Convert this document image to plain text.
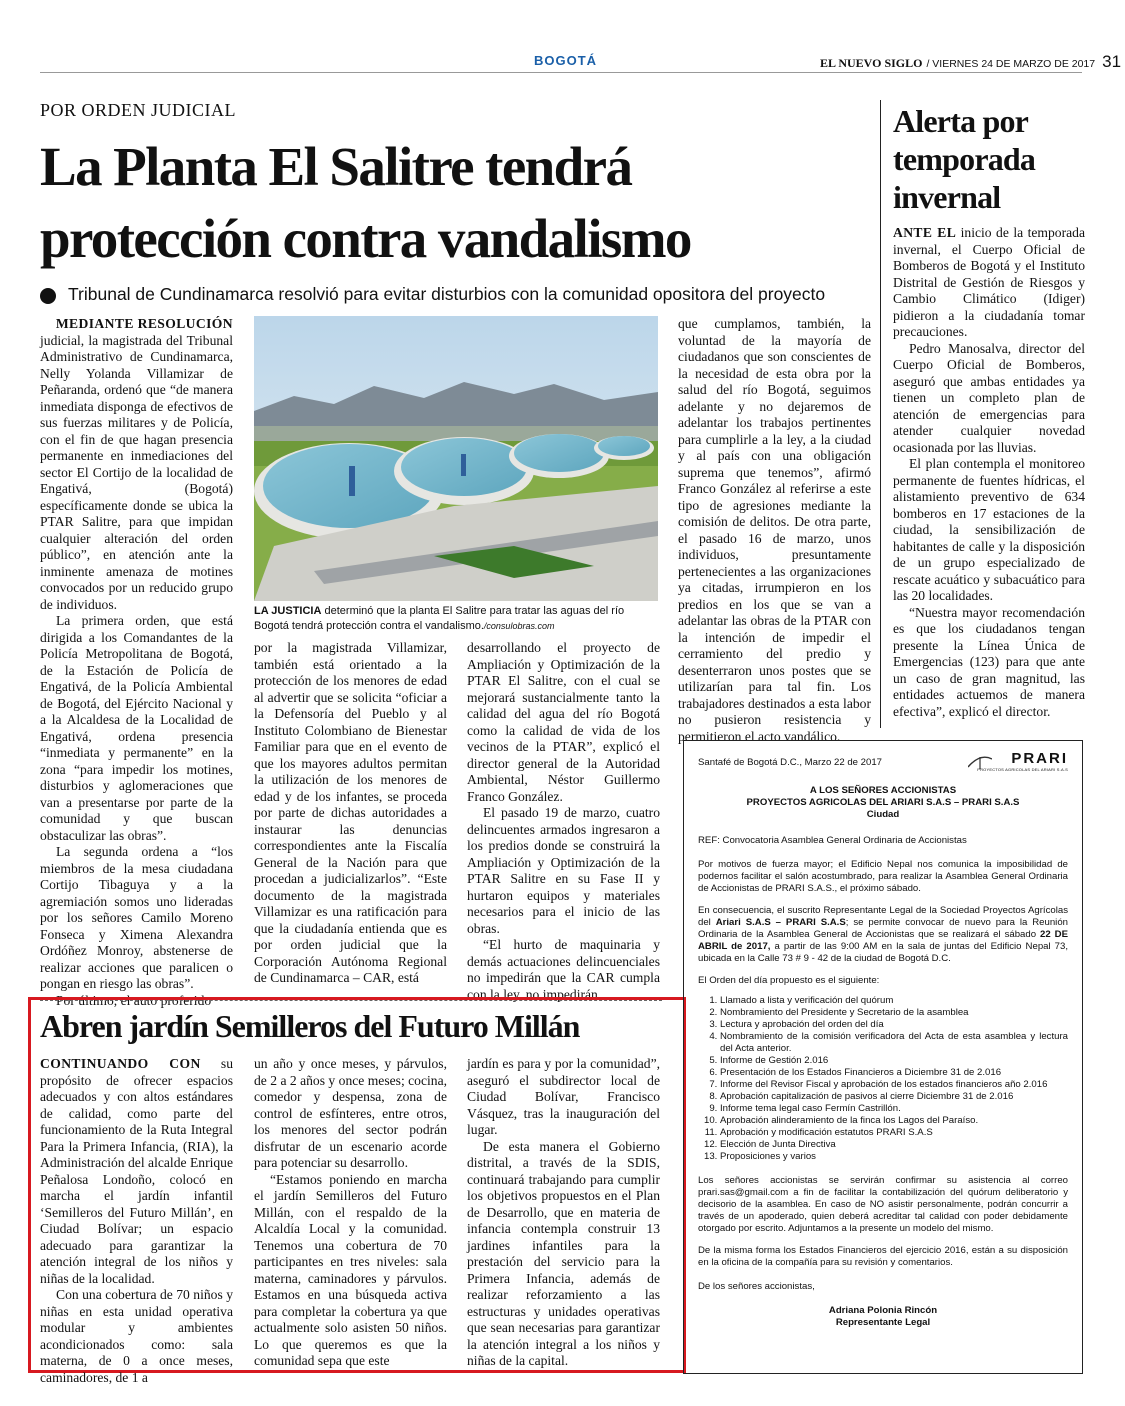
BOGOTÁ	EL NUEVO SIGLO / VIERNES 24 DE MARZO DE 2017 31
POR ORDEN JUDICIAL
La Planta El Salitre tendrá
protección contra vandalismo
Tribunal de Cundinamarca resolvió para evitar disturbios con la comunidad opositora del proyecto

MEDIANTE RESOLUCIÓN
judicial, la magistrada del Tribunal Administrativo de Cundinamarca, Nelly Yolanda Villamizar de Peñaranda, ordenó que “de manera inmediata disponga de efectivos de sus fuerzas militares y de Policía, con el fin de que hagan presencia permanente en inmediaciones del sector El Cortijo de la localidad de Engativá, (Bogotá) específicamente donde se ubica la PTAR Salitre, para que impidan cualquier alteración del orden público”, en atención ante la inminente amenaza de motines convocados por un reducido grupo de individuos.

La primera orden, que está dirigida a los Comandantes de la Policía Metropolitana de Bogotá, de la Estación de Policía de Engativá, de la Policía Ambiental de Bogotá, del Ejército Nacional y a la Alcaldesa de la Localidad de Engativá, ordena presencia “inmediata y permanente” en la zona “para impedir los motines, disturbios y aglomeraciones que van a presentarse por parte de la comunidad y que buscan obstaculizar las obras”.

La segunda ordena a “los miembros de la mesa ciudadana Cortijo Tibaguya y a la agremiación somos uno lideradas por los señores Camilo Moreno Fonseca y Ximena Alexandra Ordóñez Monroy, abstenerse de realizar acciones que paralicen o pongan en riesgo las obras”.

Por último, el auto proferido

LA JUSTICIA determinó que la planta El Salitre para tratar las aguas del río Bogotá tendrá protección contra el vandalismo./consulobras.com

por la magistrada Villamizar, también está orientado a la protección de los menores de edad al advertir que se solicita “oficiar a la Defensoría del Pueblo y al Instituto Colombiano de Bienestar Familiar para que en el evento de que los mayores adultos permitan la utilización de los menores de edad y de los infantes, se proceda por parte de dichas autoridades a instaurar las denuncias correspondientes ante la Fiscalía General de la Nación para que procedan a judicializarlos”. “Este documento de la magistrada Villamizar es una ratificación para que la ciudadanía entienda que es por orden judicial que la Corporación Autónoma Regional de Cundinamarca – CAR, está

desarrollando el proyecto de Ampliación y Optimización de la PTAR El Salitre, con el cual se mejorará sustancialmente tanto la calidad del agua del río Bogotá como la calidad de vida de los vecinos de la PTAR”, explicó el director general de la Autoridad Ambiental, Néstor Guillermo Franco González.

El pasado 19 de marzo, cuatro delincuentes armados ingresaron a los predios donde se construirá la Ampliación y Optimización de la PTAR Salitre en su Fase II y hurtaron equipos y materiales necesarios para el inicio de las obras.

“El hurto de maquinaria y demás actuaciones delincuenciales no impedirán que la CAR cumpla con la ley, no impedirán

que cumplamos, también, la voluntad de la mayoría de ciudadanos que son conscientes de la necesidad de esta obra por la salud del río Bogotá, seguimos adelante y no dejaremos de adelantar los trabajos pertinentes para cumplirle a la ley, a la ciudad y al país con una obligación suprema que tenemos”, afirmó Franco González al referirse a este tipo de agresiones mediante la comisión de delitos. De otra parte, el pasado 16 de marzo, unos individuos, presuntamente pertenecientes a las organizaciones ya citadas, irrumpieron en los predios en los que se van a adelantar las obras de la PTAR con la intención de impedir el cerramiento del predio y desenterraron unos postes que se utilizarían para tal fin. Los trabajadores destinados a esta labor no pusieron resistencia y permitieron el acto vandálico.

Alerta por
temporada
invernal

ANTE EL inicio de la temporada invernal, el Cuerpo Oficial de Bomberos de Bogotá y el Instituto Distrital de Gestión de Riesgos y Cambio Climático (Idiger) pidieron a la ciudadanía tomar precauciones.

Pedro Manosalva, director del Cuerpo Oficial de Bomberos, aseguró que ambas entidades ya tienen un completo plan de atención de emergencias para atender cualquier novedad ocasionada por las lluvias.

El plan contempla el monitoreo permanente de fuentes hídricas, el alistamiento preventivo de 634 bomberos en 17 estaciones de la ciudad, la sensibilización de habitantes de calle y la disposición de un grupo especializado de rescate acuático y subacuático para las 20 localidades.

“Nuestra mayor recomendación es que los ciudadanos tengan presente la Línea Única de Emergencias (123) para que ante un caso de gran magnitud, las entidades actuemos de manera efectiva”, explicó el director.

Abren jardín Semilleros del Futuro Millán

CONTINUANDO CON su propósito de ofrecer espacios adecuados y con altos estándares de calidad, como parte del funcionamiento de la Ruta Integral Para la Primera Infancia, (RIA), la Administración del alcalde Enrique Peñalosa Londoño, colocó en marcha el jardín infantil ‘Semilleros del Futuro Millán’, en Ciudad Bolívar; un espacio adecuado para garantizar la atención integral de los niños y niñas de la localidad.

Con una cobertura de 70 niños y niñas en esta unidad operativa modular y ambientes acondicionados como: sala materna, de 0 a once meses, caminadores, de 1 a

un año y once meses, y párvulos, de 2 a 2 años y once meses; cocina, comedor y despensa, zona de control de esfínteres, entre otros, los menores del sector podrán disfrutar de un escenario acorde para potenciar su desarrollo.

“Estamos poniendo en marcha el jardín Semilleros del Futuro Millán, con el respaldo de la Alcaldía Local y la comunidad. Tenemos una cobertura de 70 participantes en tres niveles: sala materna, caminadores y párvulos. Estamos en una búsqueda activa para completar la cobertura ya que actualmente solo asisten 50 niños. Lo que queremos es que la comunidad sepa que este

jardín es para y por la comunidad”, aseguró el subdirector local de Ciudad Bolívar, Francisco Vásquez, tras la inauguración del lugar.

De esta manera el Gobierno distrital, a través de la SDIS, continuará trabajando para cumplir los objetivos propuestos en el Plan de Desarrollo, que en materia de infancia contempla construir 13 jardines infantiles para la prestación del servicio para la Primera Infancia, además de realizar reforzamiento a las estructuras y unidades operativas que sean necesarias para garantizar la atención integral a los niños y niñas de la capital.

Santafé de Bogotá D.C., Marzo 22 de 2017	PRARI
PROYECTOS AGRICOLAS DEL ARIARI S.A.S
A LOS SEÑORES ACCIONISTAS
PROYECTOS AGRICOLAS DEL ARIARI S.A.S – PRARI S.A.S
Ciudad
REF: Convocatoria Asamblea General Ordinaria de Accionistas
Por motivos de fuerza mayor; el Edificio Nepal nos comunica la imposibilidad de podernos facilitar el salón acostumbrado, para realizar la Asamblea General Ordinaria de Accionistas de PRARI S.A.S., el próximo sábado.
En consecuencia, el suscrito Representante Legal de la Sociedad Proyectos Agrícolas del Ariari S.A.S – PRARI S.A.S; se permite convocar de nuevo para la Reunión Ordinaria de la Asamblea General de Accionistas que se realizará el sábado 22 DE ABRIL de 2017, a partir de las 9:00 AM en la sala de juntas del Edificio Nepal 73, ubicada en la Calle 73 # 9 - 42 de la ciudad de Bogotá D.C.
El Orden del día propuesto es el siguiente:
1. Llamado a lista y verificación del quórum
2. Nombramiento del Presidente y Secretario de la asamblea
3. Lectura y aprobación del orden del día
4. Nombramiento de la comisión verificadora del Acta de esta asamblea y lectura del Acta anterior.
5. Informe de Gestión 2.016
6. Presentación de los Estados Financieros a Diciembre 31 de 2.016
7. Informe del Revisor Fiscal y aprobación de los estados financieros año 2.016
8. Aprobación capitalización de pasivos al cierre Diciembre 31 de 2.016
9. Informe tema legal caso Fermín Castrillón.
10. Aprobación alinderamiento de la finca los Lagos del Paraíso.
11. Aprobación y modificación estatutos PRARI S.A.S
12. Elección de Junta Directiva
13. Proposiciones y varios
Los señores accionistas se servirán confirmar su asistencia al correo prari.sas@gmail.com a fin de facilitar la contabilización del quórum deliberatorio y decisorio de la asamblea. En caso de NO asistir personalmente, podrán concurrir a través de un apoderado, quien deberá acreditar tal calidad con poder debidamente otorgado por escrito. Adjuntamos a la presente un modelo del mismo.
De la misma forma los Estados Financieros del ejercicio 2016, están a su disposición en la oficina de la compañía para su revisión y comentarios.
De los señores accionistas,
Adriana Polonia Rincón
Representante Legal
